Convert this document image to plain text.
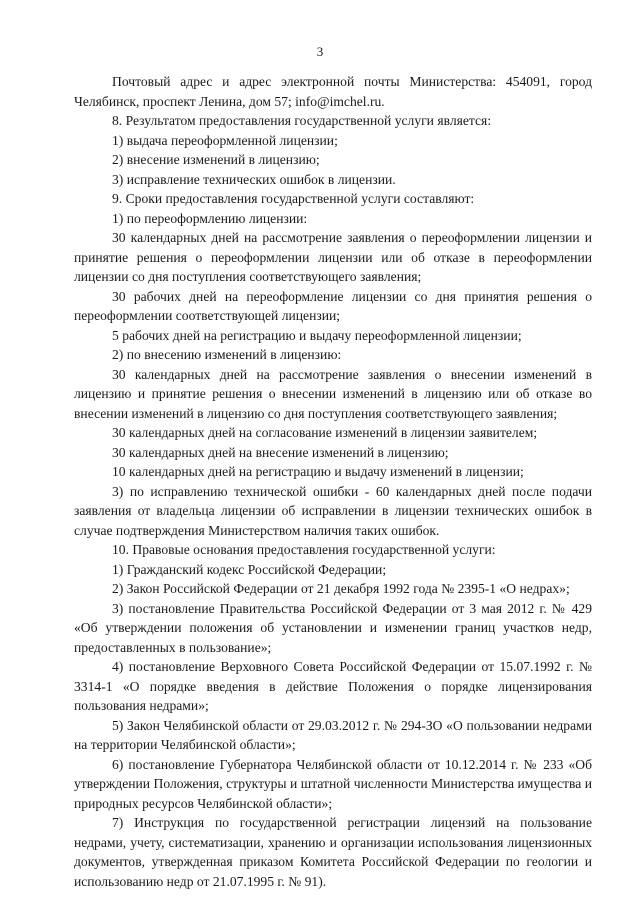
3

Почтовый адрес и адрес электронной почты Министерства: 454091, город Челябинск, проспект Ленина, дом 57; info@imchel.ru.

8. Результатом предоставления государственной услуги является:

1) выдача переоформленной лицензии;

2) внесение изменений в лицензию;

3) исправление технических ошибок в лицензии.

9. Сроки предоставления государственной услуги составляют:

1) по переоформлению лицензии:

30 календарных дней на рассмотрение заявления о переоформлении лицензии и принятие решения о переоформлении лицензии или об отказе в переоформлении лицензии со дня поступления соответствующего заявления;

30 рабочих дней на переоформление лицензии со дня принятия решения о переоформлении соответствующей лицензии;

5 рабочих дней на регистрацию и выдачу переоформленной лицензии;

2) по внесению изменений в лицензию:

30 календарных дней на рассмотрение заявления о внесении изменений в лицензию и принятие решения о внесении изменений в лицензию или об отказе во внесении изменений в лицензию со дня поступления соответствующего заявления;

30 календарных дней на согласование изменений в лицензии заявителем;

30 календарных дней на внесение изменений в лицензию;

10 календарных дней на регистрацию и выдачу изменений в лицензии;

3) по исправлению технической ошибки - 60 календарных дней после подачи заявления от владельца лицензии об исправлении в лицензии технических ошибок в случае подтверждения Министерством наличия таких ошибок.

10. Правовые основания предоставления государственной услуги:

1) Гражданский кодекс Российской Федерации;

2) Закон Российской Федерации от 21 декабря 1992 года № 2395-1 «О недрах»;

3) постановление Правительства Российской Федерации от 3 мая 2012 г. № 429 «Об утверждении положения об установлении и изменении границ участков недр, предоставленных в пользование»;

4) постановление Верховного Совета Российской Федерации от 15.07.1992 г. № 3314-1 «О порядке введения в действие Положения о порядке лицензирования пользования недрами»;

5) Закон Челябинской области от 29.03.2012 г. № 294-ЗО «О пользовании недрами на территории Челябинской области»;

6) постановление Губернатора Челябинской области от 10.12.2014 г. № 233 «Об утверждении Положения, структуры и штатной численности Министерства имущества и природных ресурсов Челябинской области»;

7) Инструкция по государственной регистрации лицензий на пользование недрами, учету, систематизации, хранению и организации использования лицензионных документов, утвержденная приказом Комитета Российской Федерации по геологии и использованию недр от 21.07.1995 г. № 91).
